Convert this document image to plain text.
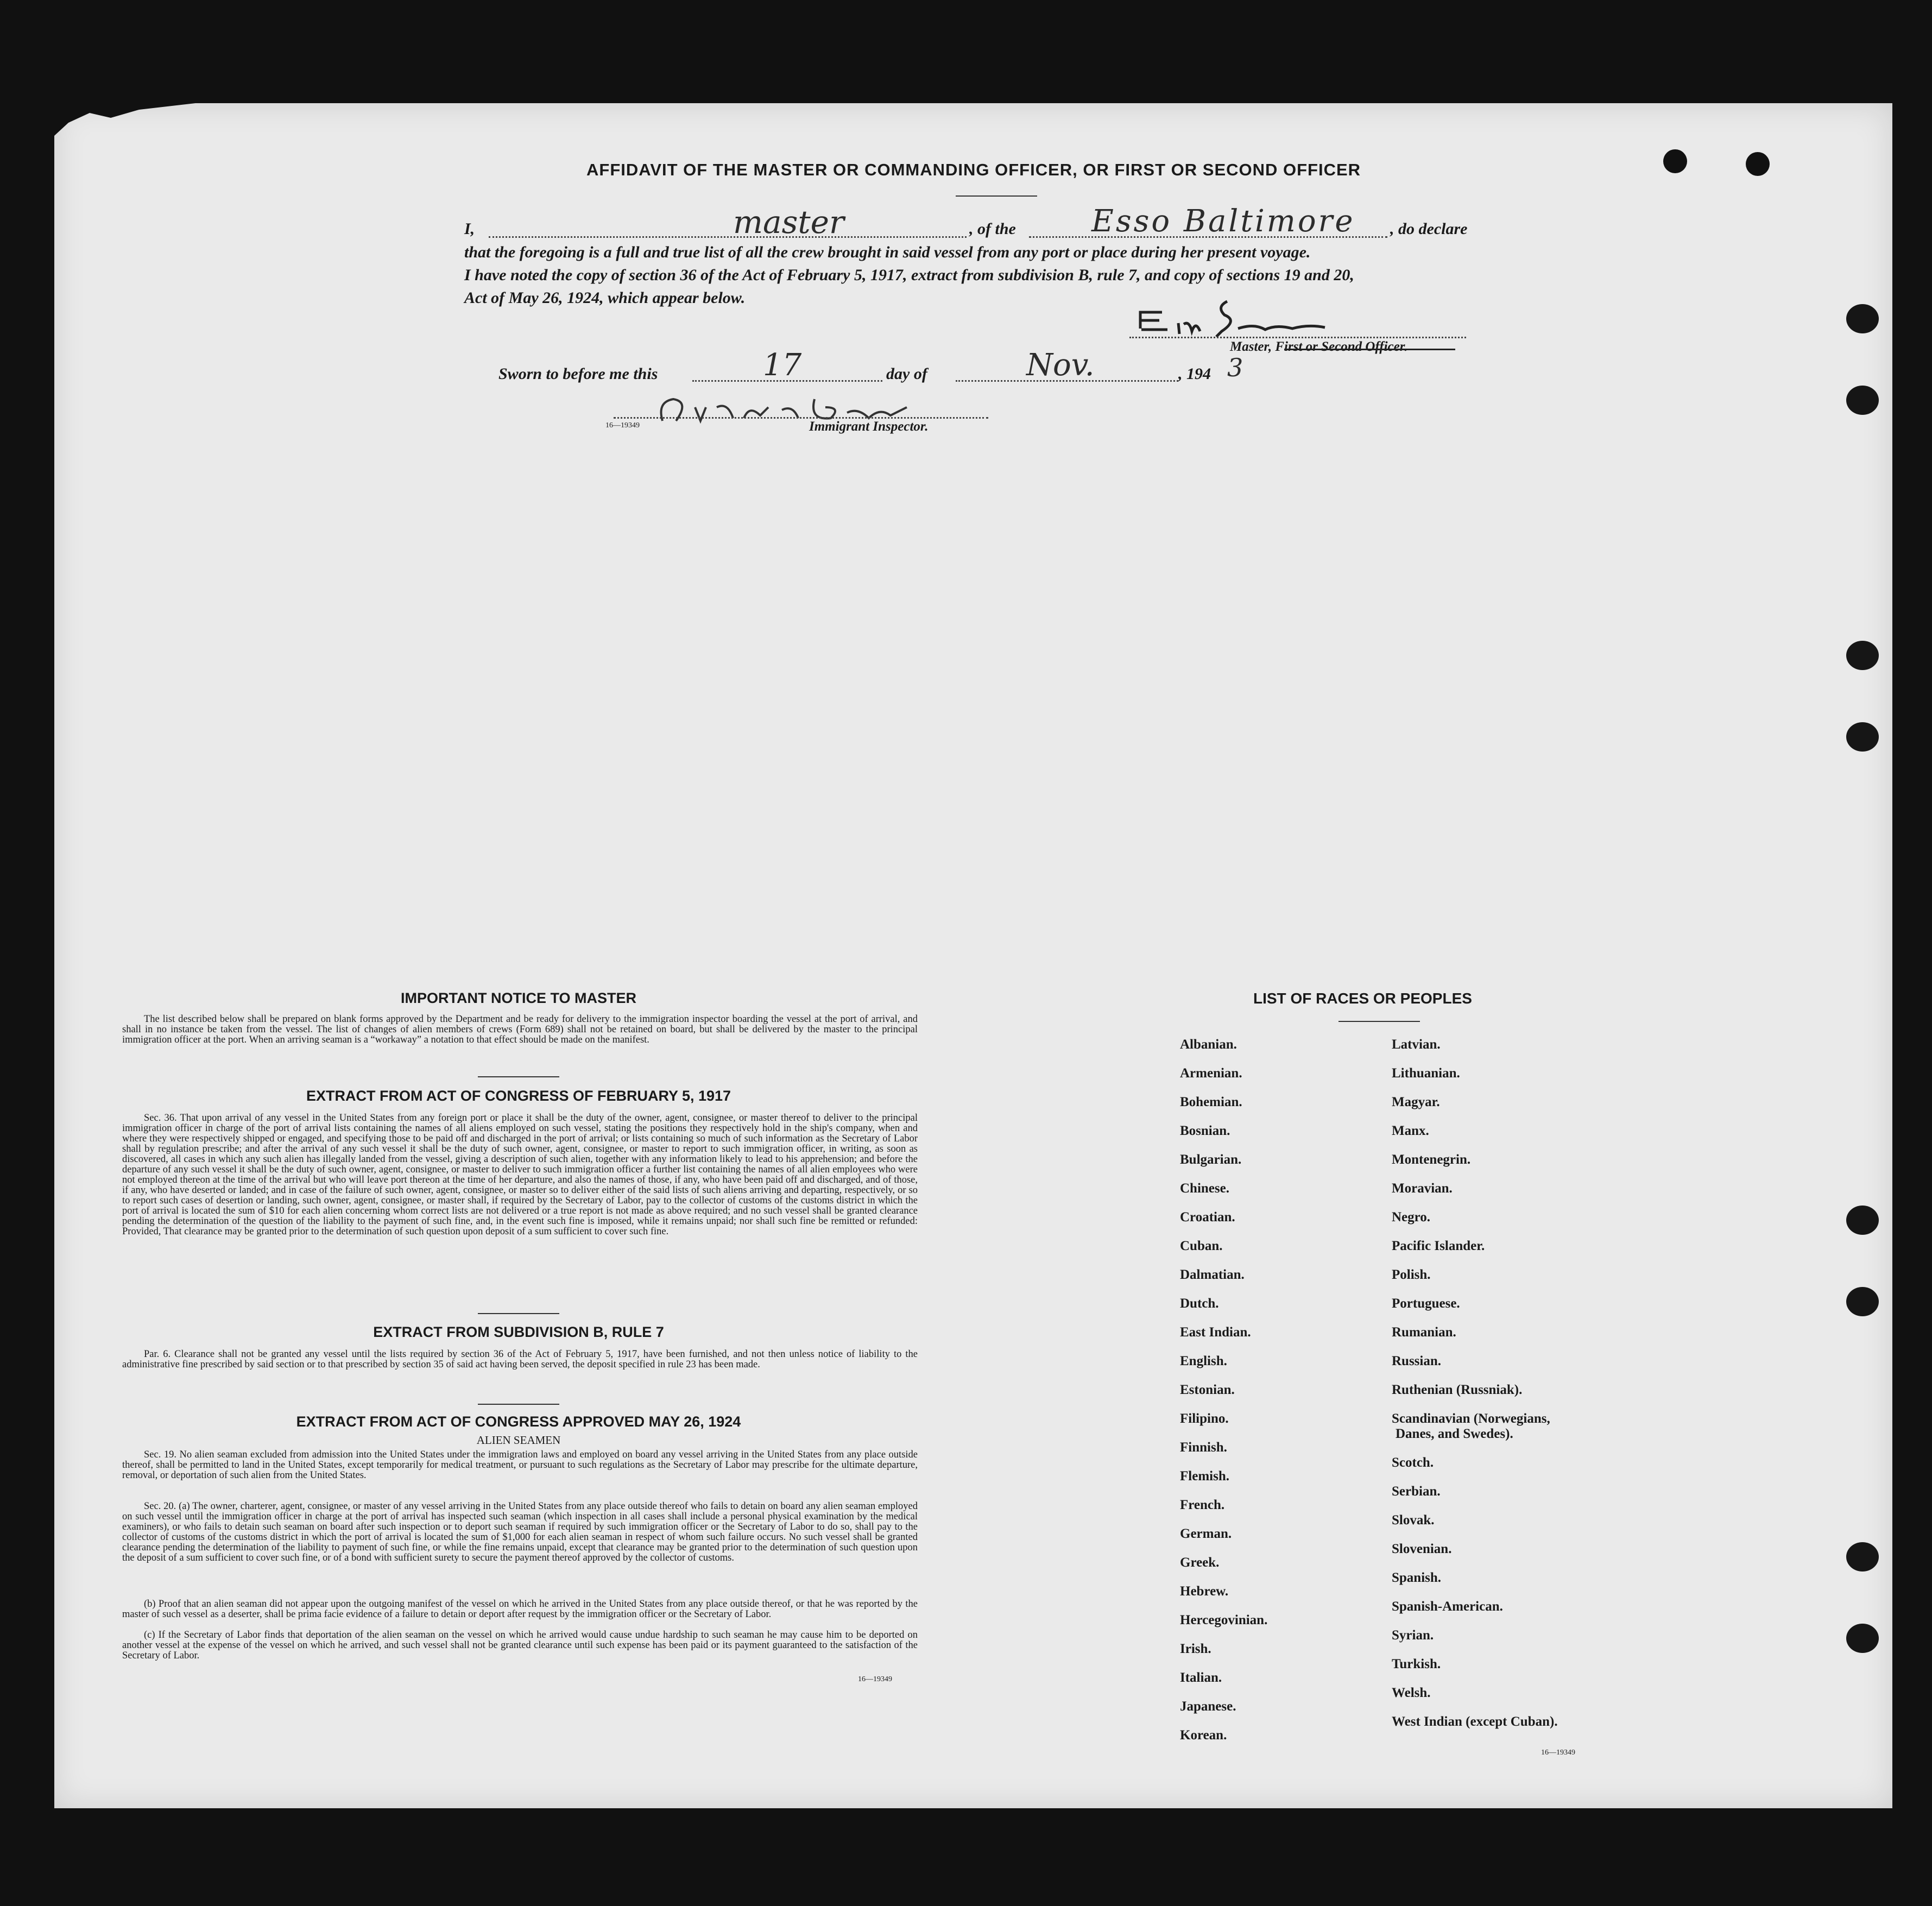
AFFIDAVIT OF THE MASTER OR COMMANDING OFFICER, OR FIRST OR SECOND OFFICER
I,	master	, of the Esso Baltimore , do declare
that the foregoing is a full and true list of all the crew brought in said vessel from any port or place during her present voyage.
I have noted the copy of section 36 of the Act of February 5, 1917, extract from subdivision B, rule 7, and copy of sections 19 and 20,
Act of May 26, 1924, which appear below.
Master, First or Second Officer.
Sworn to before me this	17	day of	Nov.	, 194 3
16—19349	Immigrant Inspector.
IMPORTANT NOTICE TO MASTER
The list described below shall be prepared on blank forms approved by the Department and be ready for delivery to the immigration inspector boarding the vessel at the port of arrival, and shall in no instance be taken from the vessel. The list of changes of alien members of crews (Form 689) shall not be retained on board, but shall be delivered by the master to the principal immigration officer at the port. When an arriving seaman is a “workaway” a notation to that effect should be made on the manifest.
EXTRACT FROM ACT OF CONGRESS OF FEBRUARY 5, 1917
Sec. 36. That upon arrival of any vessel in the United States from any foreign port or place it shall be the duty of the owner, agent, consignee, or master thereof to deliver to the principal immigration officer in charge of the port of arrival lists containing the names of all aliens employed on such vessel, stating the positions they respectively hold in the ship's company, when and where they were respectively shipped or engaged, and specifying those to be paid off and discharged in the port of arrival; or lists containing so much of such information as the Secretary of Labor shall by regulation prescribe; and after the arrival of any such vessel it shall be the duty of such owner, agent, consignee, or master to report to such immigration officer, in writing, as soon as discovered, all cases in which any such alien has illegally landed from the vessel, giving a description of such alien, together with any information likely to lead to his apprehension; and before the departure of any such vessel it shall be the duty of such owner, agent, consignee, or master to deliver to such immigration officer a further list containing the names of all alien employees who were not employed thereon at the time of the arrival but who will leave port thereon at the time of her departure, and also the names of those, if any, who have been paid off and discharged, and of those, if any, who have deserted or landed; and in case of the failure of such owner, agent, consignee, or master so to deliver either of the said lists of such aliens arriving and departing, respectively, or so to report such cases of desertion or landing, such owner, agent, consignee, or master shall, if required by the Secretary of Labor, pay to the collector of customs of the customs district in which the port of arrival is located the sum of $10 for each alien concerning whom correct lists are not delivered or a true report is not made as above required; and no such vessel shall be granted clearance pending the determination of the question of the liability to the payment of such fine, and, in the event such fine is imposed, while it remains unpaid; nor shall such fine be remitted or refunded: Provided, That clearance may be granted prior to the determination of such question upon deposit of a sum sufficient to cover such fine.
EXTRACT FROM SUBDIVISION B, RULE 7
Par. 6. Clearance shall not be granted any vessel until the lists required by section 36 of the Act of February 5, 1917, have been furnished, and not then unless notice of liability to the administrative fine prescribed by said section or to that prescribed by section 35 of said act having been served, the deposit specified in rule 23 has been made.
EXTRACT FROM ACT OF CONGRESS APPROVED MAY 26, 1924
ALIEN SEAMEN
Sec. 19. No alien seaman excluded from admission into the United States under the immigration laws and employed on board any vessel arriving in the United States from any place outside thereof, shall be permitted to land in the United States, except temporarily for medical treatment, or pursuant to such regulations as the Secretary of Labor may prescribe for the ultimate departure, removal, or deportation of such alien from the United States.
Sec. 20. (a) The owner, charterer, agent, consignee, or master of any vessel arriving in the United States from any place outside thereof who fails to detain on board any alien seaman employed on such vessel until the immigration officer in charge at the port of arrival has inspected such seaman (which inspection in all cases shall include a personal physical examination by the medical examiners), or who fails to detain such seaman on board after such inspection or to deport such seaman if required by such immigration officer or the Secretary of Labor to do so, shall pay to the collector of customs of the customs district in which the port of arrival is located the sum of $1,000 for each alien seaman in respect of whom such failure occurs. No such vessel shall be granted clearance pending the determination of the liability to payment of such fine, or while the fine remains unpaid, except that clearance may be granted prior to the determination of such question upon the deposit of a sum sufficient to cover such fine, or of a bond with sufficient surety to secure the payment thereof approved by the collector of customs.
(b) Proof that an alien seaman did not appear upon the outgoing manifest of the vessel on which he arrived in the United States from any place outside thereof, or that he was reported by the master of such vessel as a deserter, shall be prima facie evidence of a failure to detain or deport after request by the immigration officer or the Secretary of Labor.
(c) If the Secretary of Labor finds that deportation of the alien seaman on the vessel on which he arrived would cause undue hardship to such seaman he may cause him to be deported on another vessel at the expense of the vessel on which he arrived, and such vessel shall not be granted clearance until such expense has been paid or its payment guaranteed to the satisfaction of the Secretary of Labor.
16—19349
LIST OF RACES OR PEOPLES
Albanian.
Armenian.
Bohemian.
Bosnian.
Bulgarian.
Chinese.
Croatian.
Cuban.
Dalmatian.
Dutch.
East Indian.
English.
Estonian.
Filipino.
Finnish.
Flemish.
French.
German.
Greek.
Hebrew.
Hercegovinian.
Irish.
Italian.
Japanese.
Korean.
Latvian.
Lithuanian.
Magyar.
Manx.
Montenegrin.
Moravian.
Negro.
Pacific Islander.
Polish.
Portuguese.
Rumanian.
Russian.
Ruthenian (Russniak).
Scandinavian (Norwegians,
Danes, and Swedes).
Scotch.
Serbian.
Slovak.
Slovenian.
Spanish.
Spanish-American.
Syrian.
Turkish.
Welsh.
West Indian (except Cuban).
16—19349
